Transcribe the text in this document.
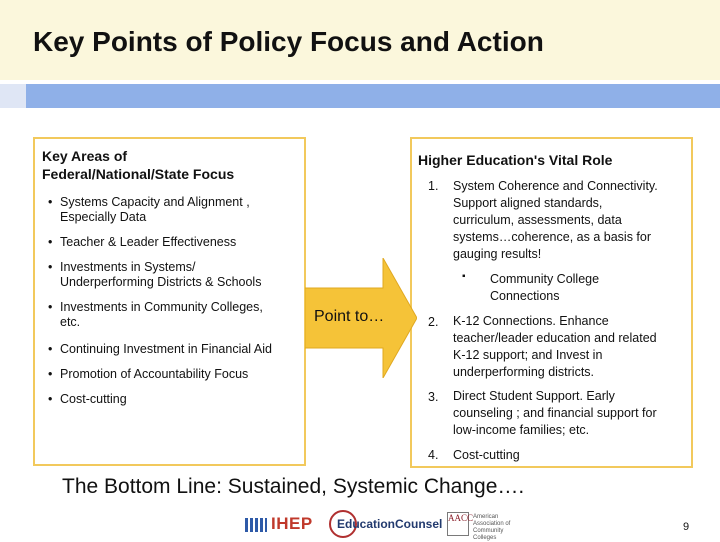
Key Points of Policy Focus and Action
Key Areas of
Federal/National/State Focus
• Systems Capacity and Alignment ,
Especially Data
• Teacher & Leader Effectiveness
• Investments in Systems/
Underperforming Districts & Schools
• Investments in Community Colleges,
etc.
• Continuing Investment in Financial Aid
• Promotion of Accountability Focus
• Cost-cutting
Point to…
Higher Education's Vital Role
1. System Coherence and Connectivity.
Support aligned standards,
curriculum, assessments, data
systems…coherence, as a basis for
gauging results!
▪ Community College
Connections
2. K-12 Connections. Enhance
teacher/leader education and related
K-12 support; and Invest in
underperforming districts.
3. Direct Student Support. Early
counseling ; and financial support for
low-income families; etc.
4. Cost-cutting
The Bottom Line: Sustained, Systemic Change….
IHEP EducationCounsel AACC American Association of Community Colleges
9
